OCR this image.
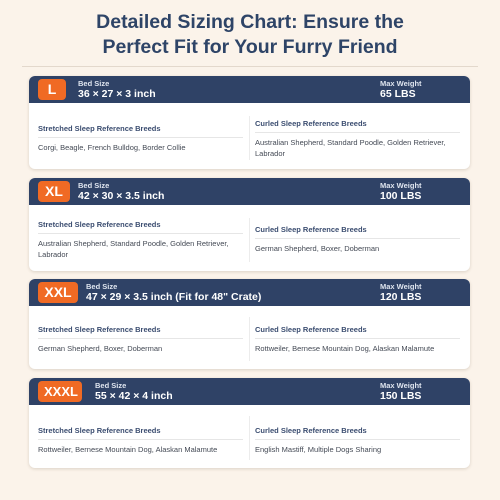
Detailed Sizing Chart: Ensure the
Perfect Fit for Your Furry Friend
L	Bed Size
36 × 27 × 3 inch
Max Weight
65 LBS
Stretched Sleep Reference Breeds
Corgi, Beagle, French Bulldog, Border Collie
Curled Sleep Reference Breeds
Australian Shepherd, Standard Poodle, Golden Retriever, Labrador
XL	Bed Size
42 × 30 × 3.5 inch
Max Weight
100 LBS
Stretched Sleep Reference Breeds
Australian Shepherd, Standard Poodle, Golden Retriever, Labrador
Curled Sleep Reference Breeds
German Shepherd, Boxer, Doberman
XXL	Bed Size
47 × 29 × 3.5 inch (Fit for 48" Crate)
Max Weight
120 LBS
Stretched Sleep Reference Breeds
German Shepherd, Boxer, Doberman
Curled Sleep Reference Breeds
Rottweiler, Bernese Mountain Dog, Alaskan Malamute
XXXL	Bed Size
55 × 42 × 4 inch
Max Weight
150 LBS
Stretched Sleep Reference Breeds
Rottweiler, Bernese Mountain Dog, Alaskan Malamute
Curled Sleep Reference Breeds
English Mastiff, Multiple Dogs Sharing
